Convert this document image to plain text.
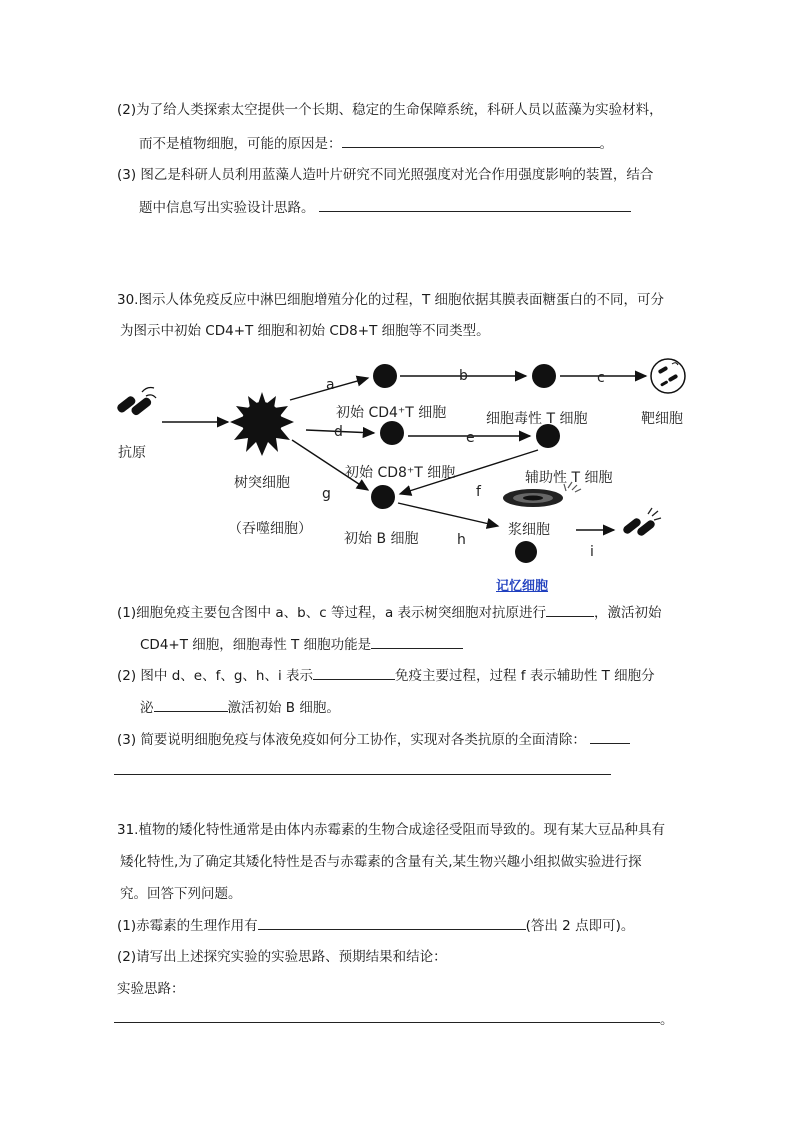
(2)为了给人类探索太空提供一个长期、稳定的生命保障系统，科研人员以蓝藻为实验材料，
而不是植物细胞，可能的原因是：	。
(3) 图乙是科研人员利用蓝藻人造叶片研究不同光照强度对光合作用强度影响的装置，结合
题中信息写出实验设计思路。
30.图示人体免疫反应中淋巴细胞增殖分化的过程，T 细胞依据其膜表面糖蛋白的不同，可分
为图示中初始 CD4+T 细胞和初始 CD8+T 细胞等不同类型。
a
b	c
d	e
f
g
h
i
抗原
树突细胞
（吞噬细胞）
初始 CD4⁺T 细胞	细胞毒性 T 细胞	靶细胞
初始 CD8⁺T 细胞	辅助性 T 细胞
初始 B 细胞
浆细胞
记忆细胞
(1)细胞免疫主要包含图中 a、b、c 等过程，a 表示树突细胞对抗原进行	，激活初始
CD4+T 细胞，细胞毒性 T 细胞功能是
(2) 图中 d、e、f、g、h、i 表示	免疫主要过程，过程 f 表示辅助性 T 细胞分
泌	激活初始 B 细胞。
(3) 简要说明细胞免疫与体液免疫如何分工协作，实现对各类抗原的全面清除：
31.植物的矮化特性通常是由体内赤霉素的生物合成途径受阻而导致的。现有某大豆品种具有
矮化特性,为了确定其矮化特性是否与赤霉素的含量有关,某生物兴趣小组拟做实验进行探
究。回答下列问题。
(1)赤霉素的生理作用有	(答出 2 点即可)。
(2)请写出上述探究实验的实验思路、预期结果和结论：
实验思路：
。
